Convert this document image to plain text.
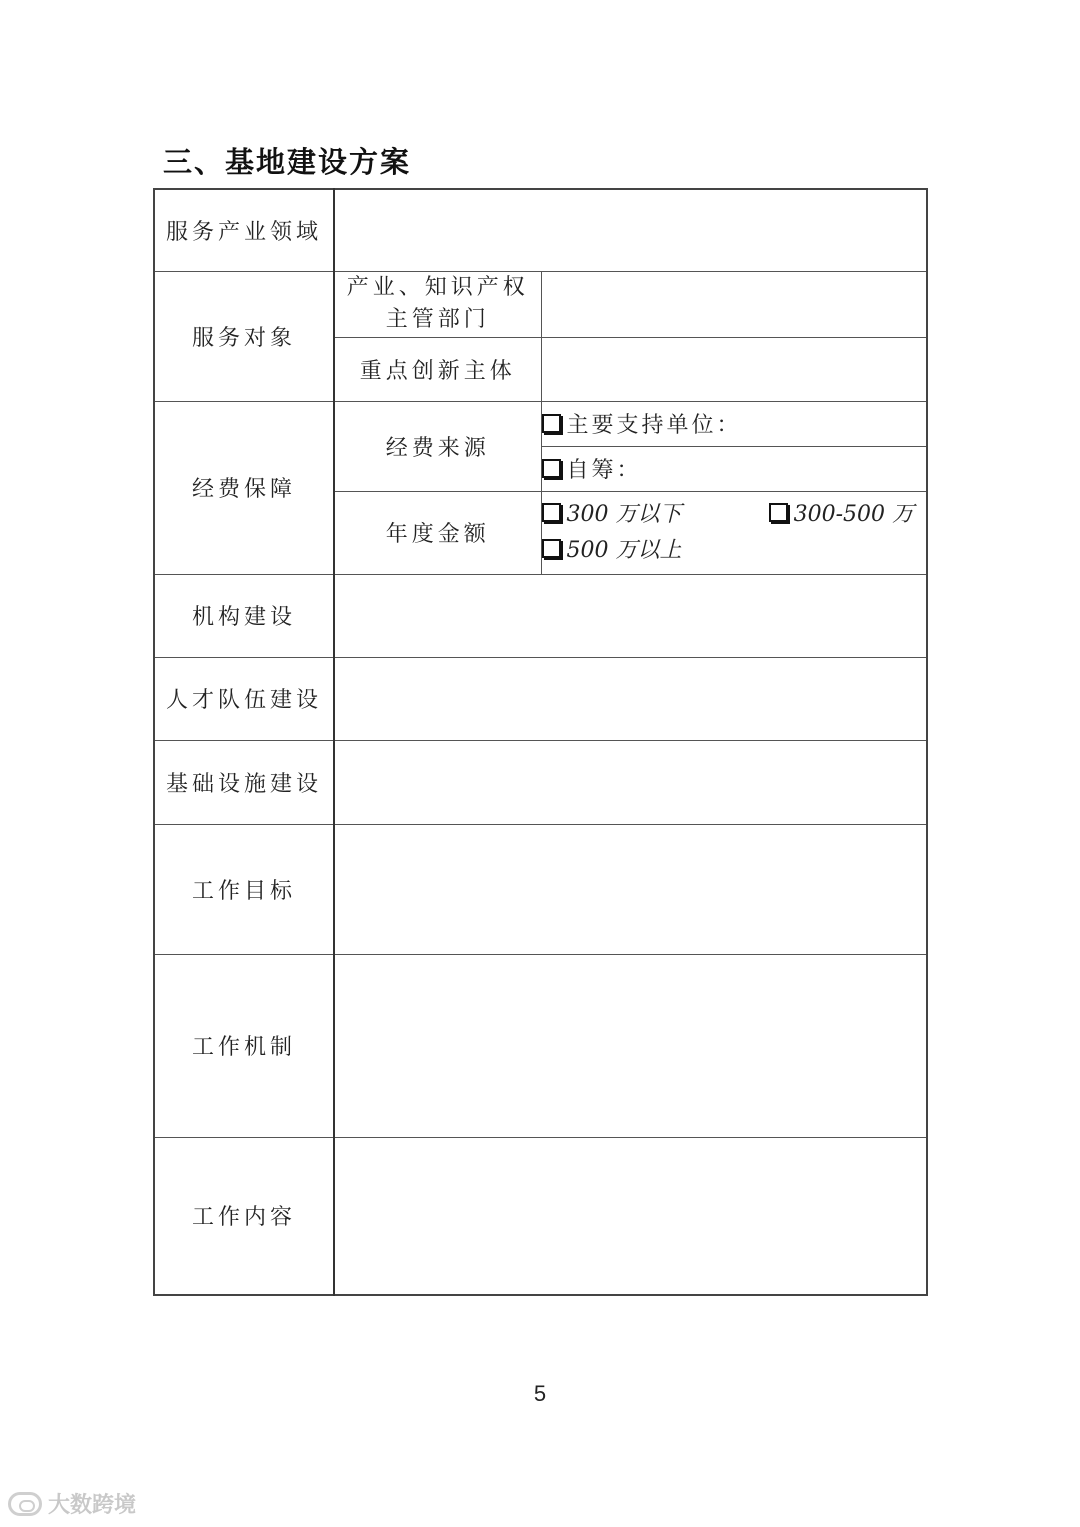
三、基地建设方案
服务产业领域		
服务对象	产业、知识产权主管部门	
	重点创新主体	
经费保障	经费来源	主要支持单位：
		自筹：
	年度金额	300 万以下 300-500 万
500 万以上

机构建设		
人才队伍建设		
基础设施建设		
工作目标		
工作机制		
工作内容		
5
大数跨境
